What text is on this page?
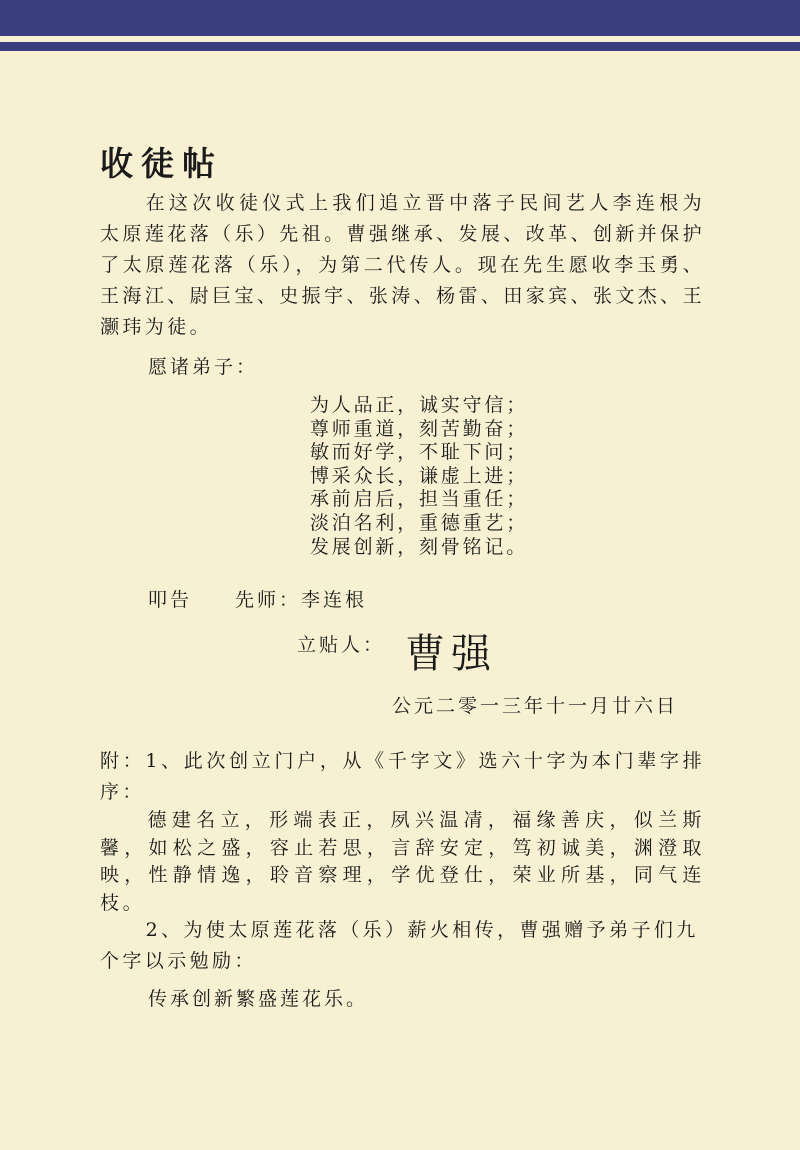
收徒帖

在这次收徒仪式上我们追立晋中落子民间艺人李连根为太原莲花落（乐）先祖。曹强继承、发展、改革、创新并保护了太原莲花落（乐），为第二代传人。现在先生愿收李玉勇、王海江、尉巨宝、史振宇、张涛、杨雷、田家宾、张文杰、王灏玮为徒。

愿诸弟子：

为人品正，诚实守信；
尊师重道，刻苦勤奋；
敏而好学，不耻下问；
博采众长，谦虚上进；
承前启后，担当重任；
淡泊名利，重德重艺；
发展创新，刻骨铭记。

叩告 先师：李连根

立贴人： 曹强

公元二零一三年十一月廿六日

附：1、此次创立门户，从《千字文》选六十字为本门辈字排序：

德建名立，形端表正，夙兴温凊，福缘善庆，似兰斯馨，如松之盛，容止若思，言辞安定，笃初诚美，渊澄取映，性静情逸，聆音察理，学优登仕，荣业所基，同气连枝。

2、为使太原莲花落（乐）薪火相传，曹强赠予弟子们九个字以示勉励：

传承创新繁盛莲花乐。
